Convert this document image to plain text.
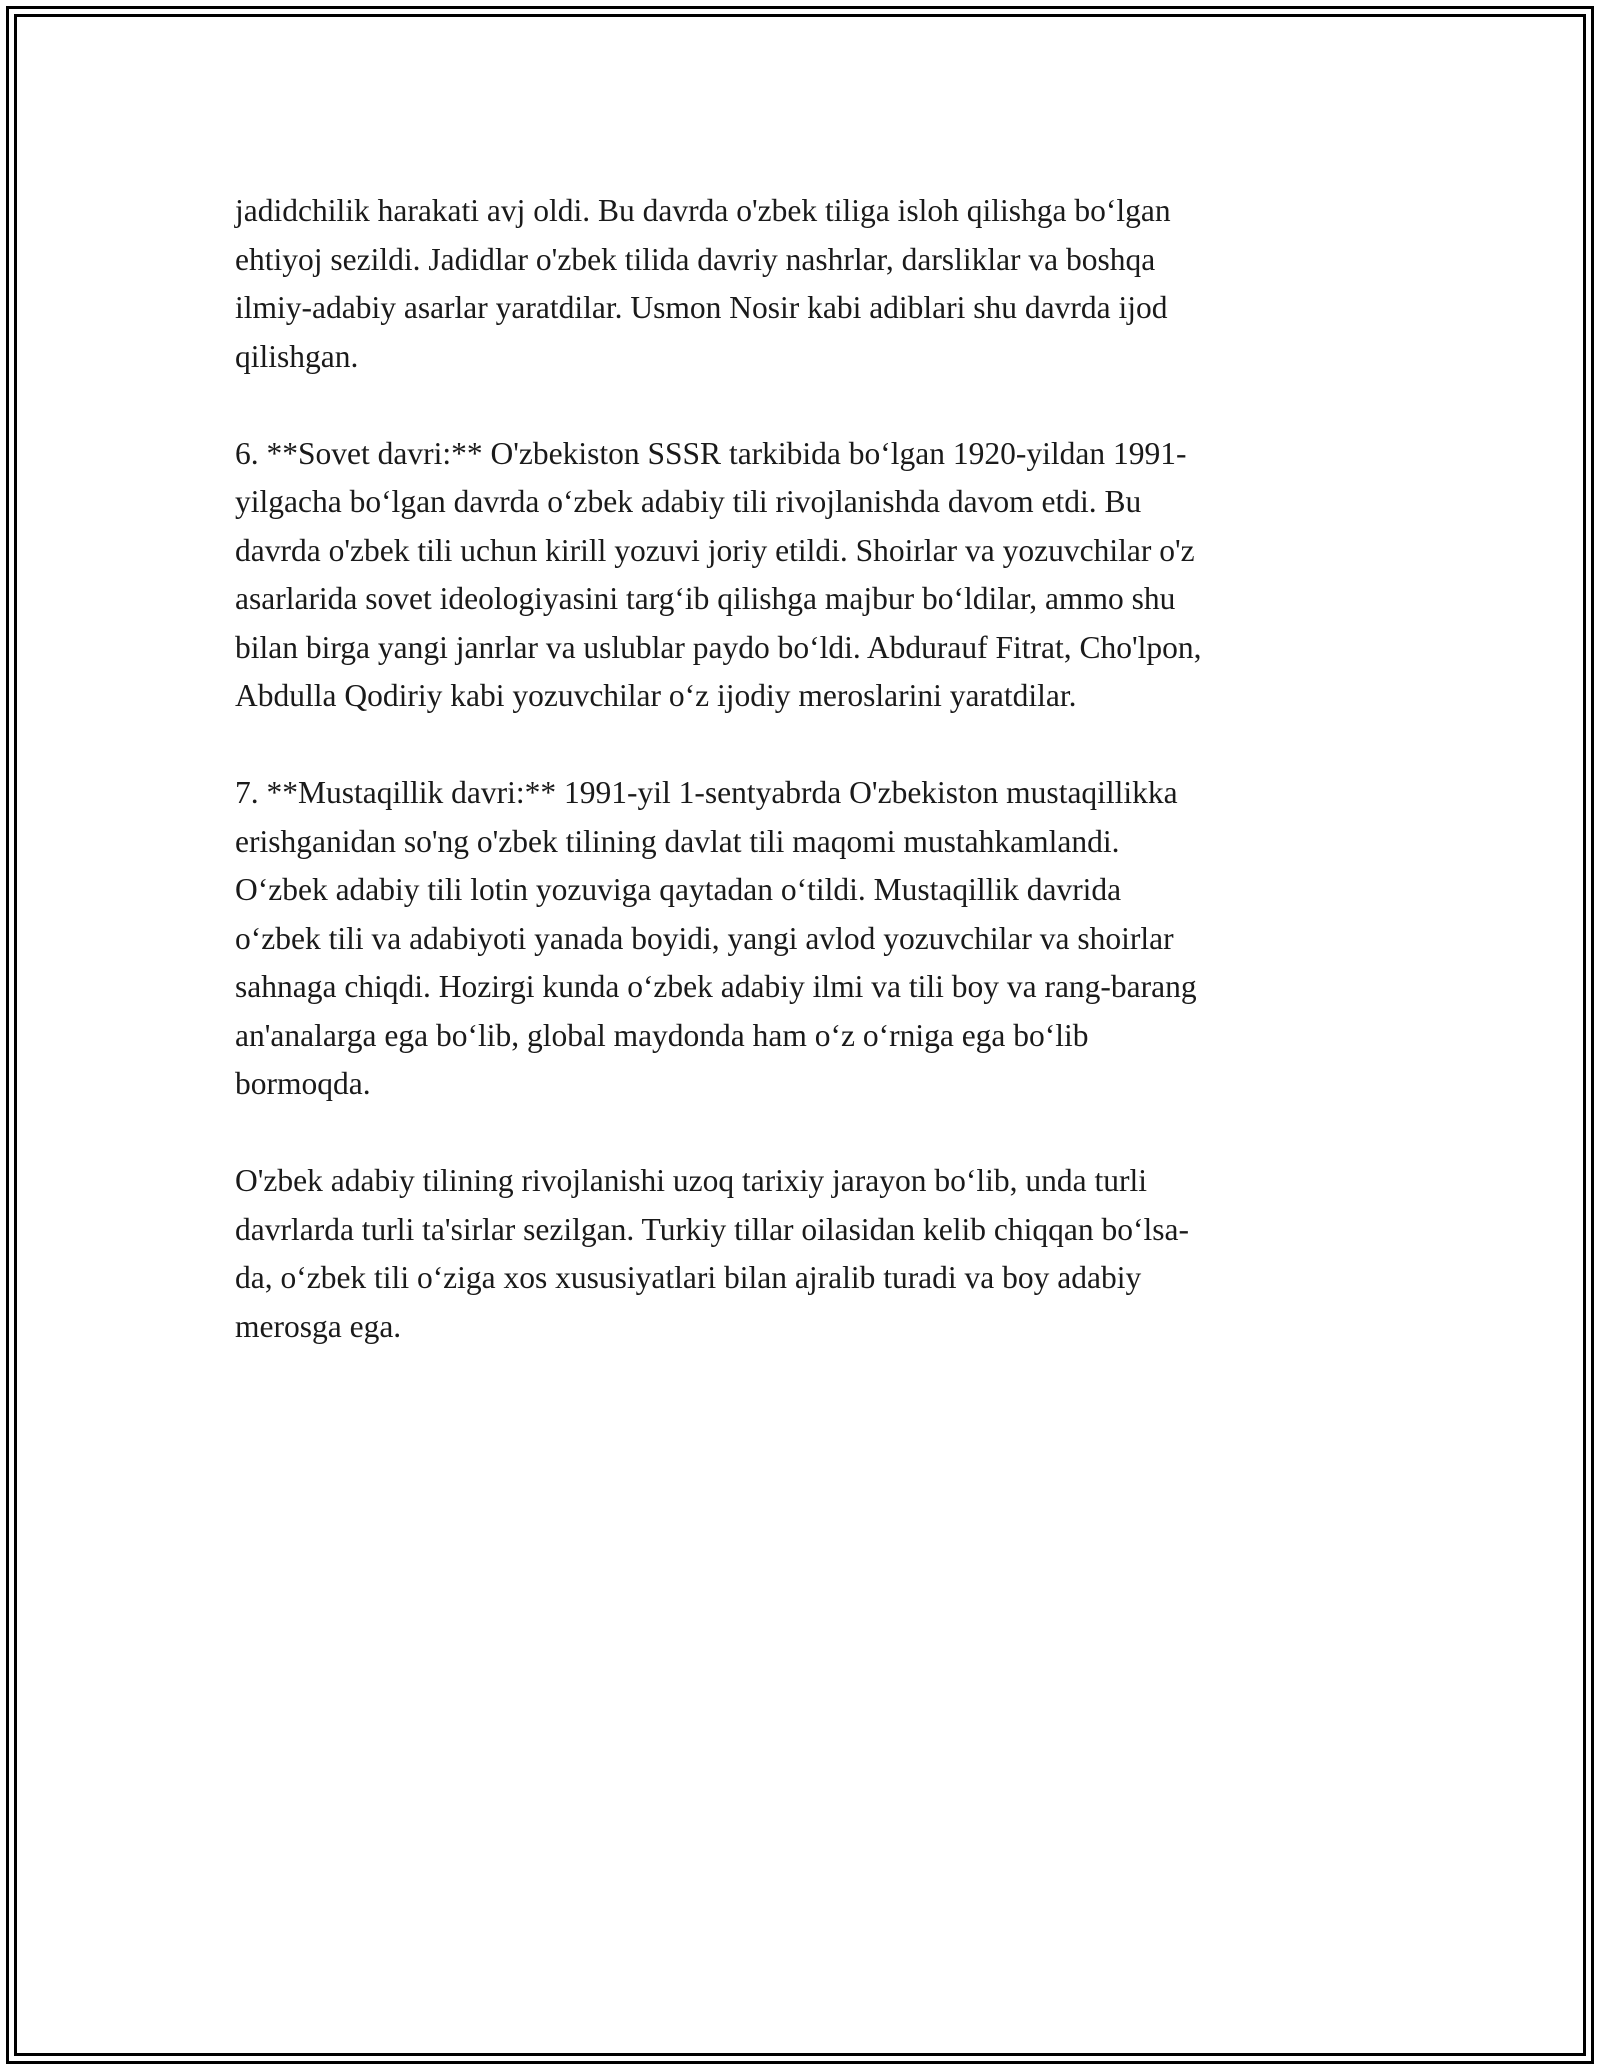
jadidchilik harakati avj oldi. Bu davrda o'zbek tiliga isloh qilishga bo‘lgan
ehtiyoj sezildi. Jadidlar o'zbek tilida davriy nashrlar, darsliklar va boshqa
ilmiy-adabiy asarlar yaratdilar. Usmon Nosir kabi adiblari shu davrda ijod
qilishgan.

6. **Sovet davri:** O'zbekiston SSSR tarkibida bo‘lgan 1920-yildan 1991-
yilgacha bo‘lgan davrda o‘zbek adabiy tili rivojlanishda davom etdi. Bu
davrda o'zbek tili uchun kirill yozuvi joriy etildi. Shoirlar va yozuvchilar o'z
asarlarida sovet ideologiyasini targ‘ib qilishga majbur bo‘ldilar, ammo shu
bilan birga yangi janrlar va uslublar paydo bo‘ldi. Abdurauf Fitrat, Cho'lpon,
Abdulla Qodiriy kabi yozuvchilar o‘z ijodiy meroslarini yaratdilar.

7. **Mustaqillik davri:** 1991-yil 1-sentyabrda O'zbekiston mustaqillikka
erishganidan so'ng o'zbek tilining davlat tili maqomi mustahkamlandi.
O‘zbek adabiy tili lotin yozuviga qaytadan o‘tildi. Mustaqillik davrida
o‘zbek tili va adabiyoti yanada boyidi, yangi avlod yozuvchilar va shoirlar
sahnaga chiqdi. Hozirgi kunda o‘zbek adabiy ilmi va tili boy va rang-barang
an'analarga ega bo‘lib, global maydonda ham o‘z o‘rniga ega bo‘lib
bormoqda.

O'zbek adabiy tilining rivojlanishi uzoq tarixiy jarayon bo‘lib, unda turli
davrlarda turli ta'sirlar sezilgan. Turkiy tillar oilasidan kelib chiqqan bo‘lsa-
da, o‘zbek tili o‘ziga xos xususiyatlari bilan ajralib turadi va boy adabiy
merosga ega.
